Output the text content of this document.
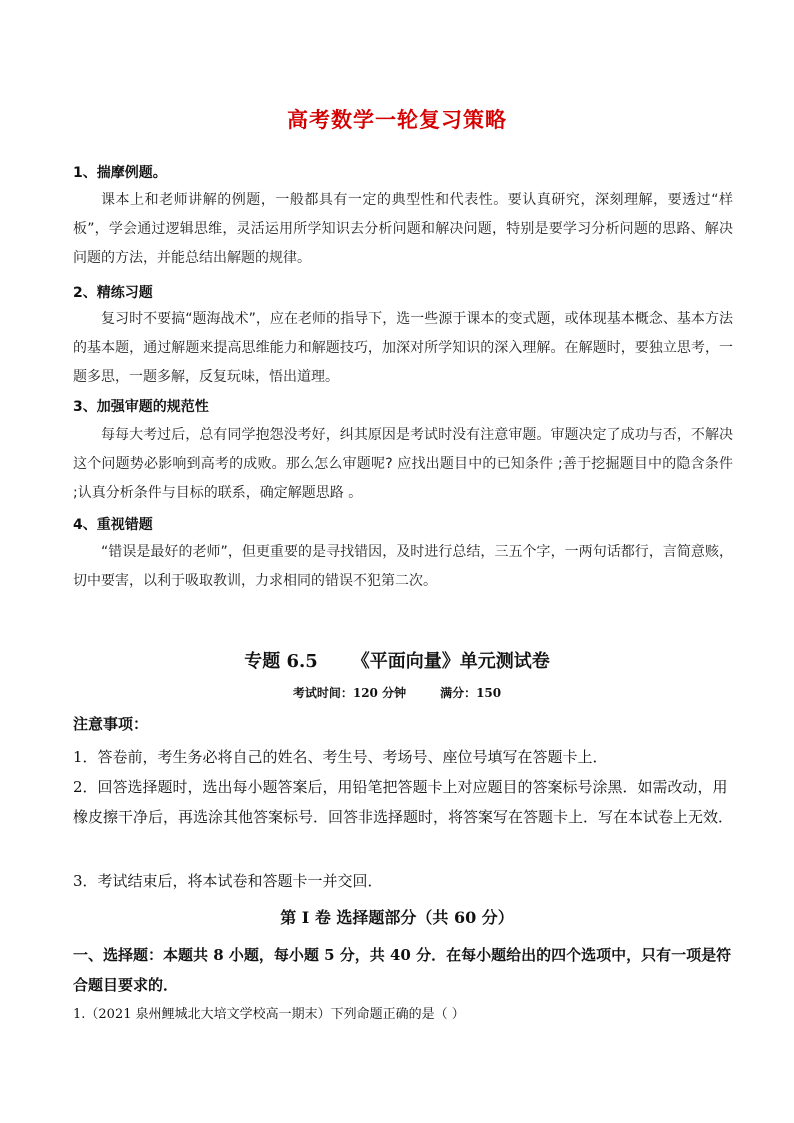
高考数学一轮复习策略
1、揣摩例题。
课本上和老师讲解的例题，一般都具有一定的典型性和代表性。要认真研究，深刻理解，要透过“样板”，学会通过逻辑思维，灵活运用所学知识去分析问题和解决问题，特别是要学习分析问题的思路、解决问题的方法，并能总结出解题的规律。
2、精练习题
复习时不要搞“题海战术”，应在老师的指导下，选一些源于课本的变式题，或体现基本概念、基本方法的基本题，通过解题来提高思维能力和解题技巧，加深对所学知识的深入理解。在解题时，要独立思考，一题多思，一题多解，反复玩味，悟出道理。
3、加强审题的规范性
每每大考过后，总有同学抱怨没考好，纠其原因是考试时没有注意审题。审题决定了成功与否，不解决这个问题势必影响到高考的成败。那么怎么审题呢? 应找出题目中的已知条件 ;善于挖掘题目中的隐含条件 ;认真分析条件与目标的联系，确定解题思路 。
4、重视错题
“错误是最好的老师”，但更重要的是寻找错因，及时进行总结，三五个字，一两句话都行，言简意赅，切中要害，以利于吸取教训，力求相同的错误不犯第二次。
专题 6.5 《平面向量》单元测试卷
考试时间：120 分钟	满分：150
注意事项：
1．答卷前，考生务必将自己的姓名、考生号、考场号、座位号填写在答题卡上．
2．回答选择题时，选出每小题答案后，用铅笔把答题卡上对应题目的答案标号涂黑．如需改动，用橡皮擦干净后，再选涂其他答案标号．回答非选择题时，将答案写在答题卡上．写在本试卷上无效．
3．考试结束后，将本试卷和答题卡一并交回．
第 I 卷 选择题部分（共 60 分）
一、选择题：本题共 8 小题，每小题 5 分，共 40 分．在每小题给出的四个选项中，只有一项是符合题目要求的．
1.（2021 泉州鲤城北大培文学校高一期末）下列命题正确的是（ ）
